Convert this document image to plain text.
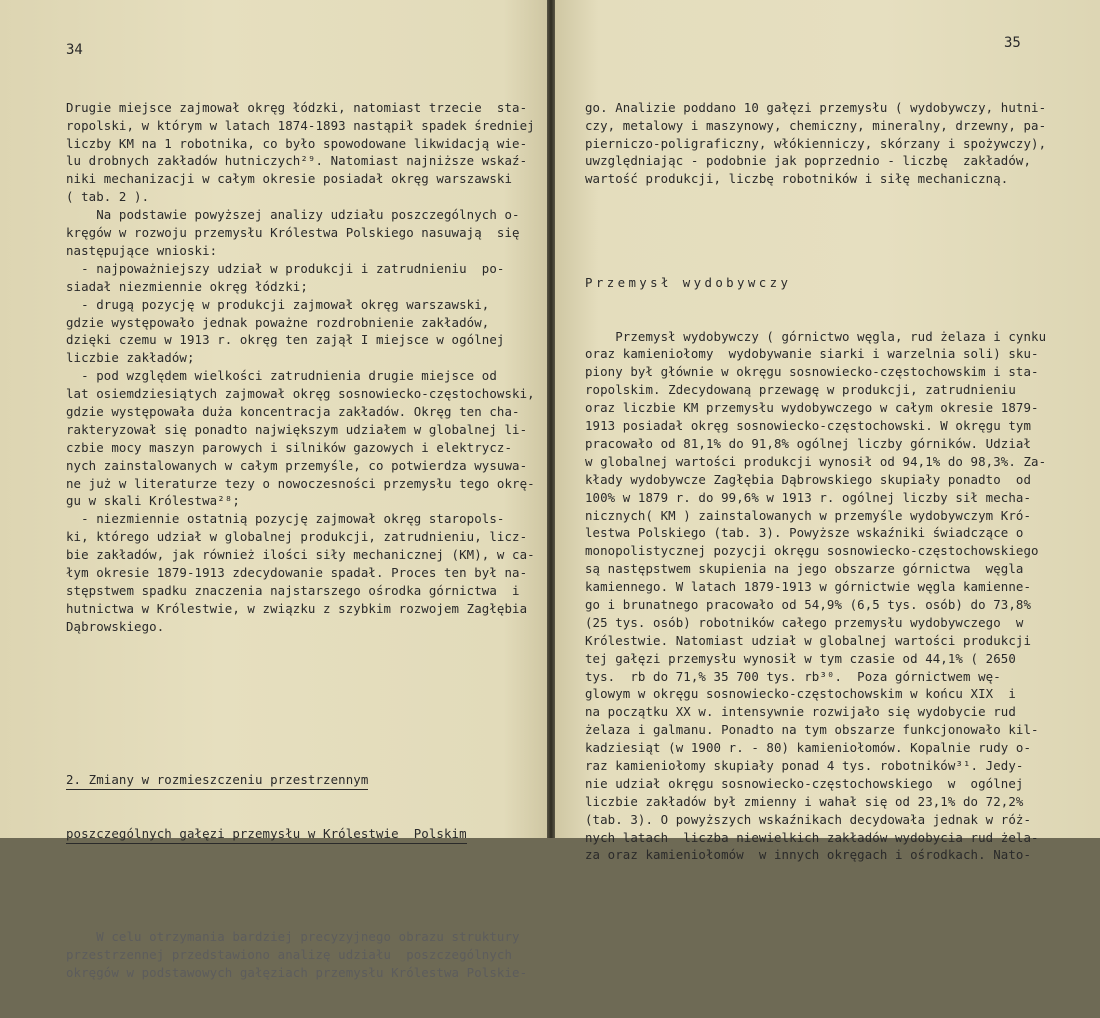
34

Drugie miejsce zajmował okręg łódzki, natomiast trzecie  sta-
ropolski, w którym w latach 1874-1893 nastąpił spadek średniej
liczby KM na 1 robotnika, co było spowodowane likwidacją wie-
lu drobnych zakładów hutniczych²⁹. Natomiast najniższe wskaź-
niki mechanizacji w całym okresie posiadał okręg warszawski
( tab. 2 ).
Na podstawie powyższej analizy udziału poszczególnych o-
kręgów w rozwoju przemysłu Królestwa Polskiego nasuwają  się
następujące wnioski:
- najpoważniejszy udział w produkcji i zatrudnieniu  po-
siadał niezmiennie okręg łódzki;
- drugą pozycję w produkcji zajmował okręg warszawski,
gdzie występowało jednak poważne rozdrobnienie zakładów,
dzięki czemu w 1913 r. okręg ten zajął I miejsce w ogólnej
liczbie zakładów;
- pod względem wielkości zatrudnienia drugie miejsce od
lat osiemdziesiątych zajmował okręg sosnowiecko-częstochowski,
gdzie występowała duża koncentracja zakładów. Okręg ten cha-
rakteryzował się ponadto największym udziałem w globalnej li-
czbie mocy maszyn parowych i silników gazowych i elektrycz-
nych zainstalowanych w całym przemyśle, co potwierdza wysuwa-
ne już w literaturze tezy o nowoczesności przemysłu tego okrę-
gu w skali Królestwa²⁸;
- niezmiennie ostatnią pozycję zajmował okręg staropols-
ki, którego udział w globalnej produkcji, zatrudnieniu, licz-
bie zakładów, jak również ilości siły mechanicznej (KM), w ca-
łym okresie 1879-1913 zdecydowanie spadał. Proces ten był na-
stępstwem spadku znaczenia najstarszego ośrodka górnictwa  i
hutnictwa w Królestwie, w związku z szybkim rozwojem Zagłębia
Dąbrowskiego.

2. Zmiany w rozmieszczeniu przestrzennym

poszczególnych gałęzi przemysłu w Królestwie  Polskim

W celu otrzymania bardziej precyzyjnego obrazu struktury
przestrzennej przedstawiono analizę udziału  poszczególnych
okręgów w podstawowych gałęziach przemysłu Królestwa Polskie-

35

go. Analizie poddano 10 gałęzi przemysłu ( wydobywczy, hutni-
czy, metalowy i maszynowy, chemiczny, mineralny, drzewny, pa-
pierniczo-poligraficzny, włókienniczy, skórzany i spożywczy),
uwzględniając - podobnie jak poprzednio - liczbę  zakładów,
wartość produkcji, liczbę robotników i siłę mechaniczną.

Przemysł wydobywczy

Przemysł wydobywczy ( górnictwo węgla, rud żelaza i cynku
oraz kamieniołomy  wydobywanie siarki i warzelnia soli) sku-
piony był głównie w okręgu sosnowiecko-częstochowskim i sta-
ropolskim. Zdecydowaną przewagę w produkcji, zatrudnieniu
oraz liczbie KM przemysłu wydobywczego w całym okresie 1879-
1913 posiadał okręg sosnowiecko-częstochowski. W okręgu tym
pracowało od 81,1% do 91,8% ogólnej liczby górników. Udział
w globalnej wartości produkcji wynosił od 94,1% do 98,3%. Za-
kłady wydobywcze Zagłębia Dąbrowskiego skupiały ponadto  od
100% w 1879 r. do 99,6% w 1913 r. ogólnej liczby sił mecha-
nicznych( KM ) zainstalowanych w przemyśle wydobywczym Kró-
lestwa Polskiego (tab. 3). Powyższe wskaźniki świadczące o
monopolistycznej pozycji okręgu sosnowiecko-częstochowskiego
są następstwem skupienia na jego obszarze górnictwa  węgla
kamiennego. W latach 1879-1913 w górnictwie węgla kamienne-
go i brunatnego pracowało od 54,9% (6,5 tys. osób) do 73,8%
(25 tys. osób) robotników całego przemysłu wydobywczego  w
Królestwie. Natomiast udział w globalnej wartości produkcji
tej gałęzi przemysłu wynosił w tym czasie od 44,1% ( 2650
tys.  rb do 71,% 35 700 tys. rb³⁰.  Poza górnictwem wę-
glowym w okręgu sosnowiecko-częstochowskim w końcu XIX  i
na początku XX w. intensywnie rozwijało się wydobycie rud
żelaza i galmanu. Ponadto na tym obszarze funkcjonowało kil-
kadziesiąt (w 1900 r. - 80) kamieniołomów. Kopalnie rudy o-
raz kamieniołomy skupiały ponad 4 tys. robotników³¹. Jedy-
nie udział okręgu sosnowiecko-częstochowskiego  w  ogólnej
liczbie zakładów był zmienny i wahał się od 23,1% do 72,2%
(tab. 3). O powyższych wskaźnikach decydowała jednak w róż-
nych latach  liczba niewielkich zakładów wydobycia rud żela-
za oraz kamieniołomów  w innych okręgach i ośrodkach. Nato-
